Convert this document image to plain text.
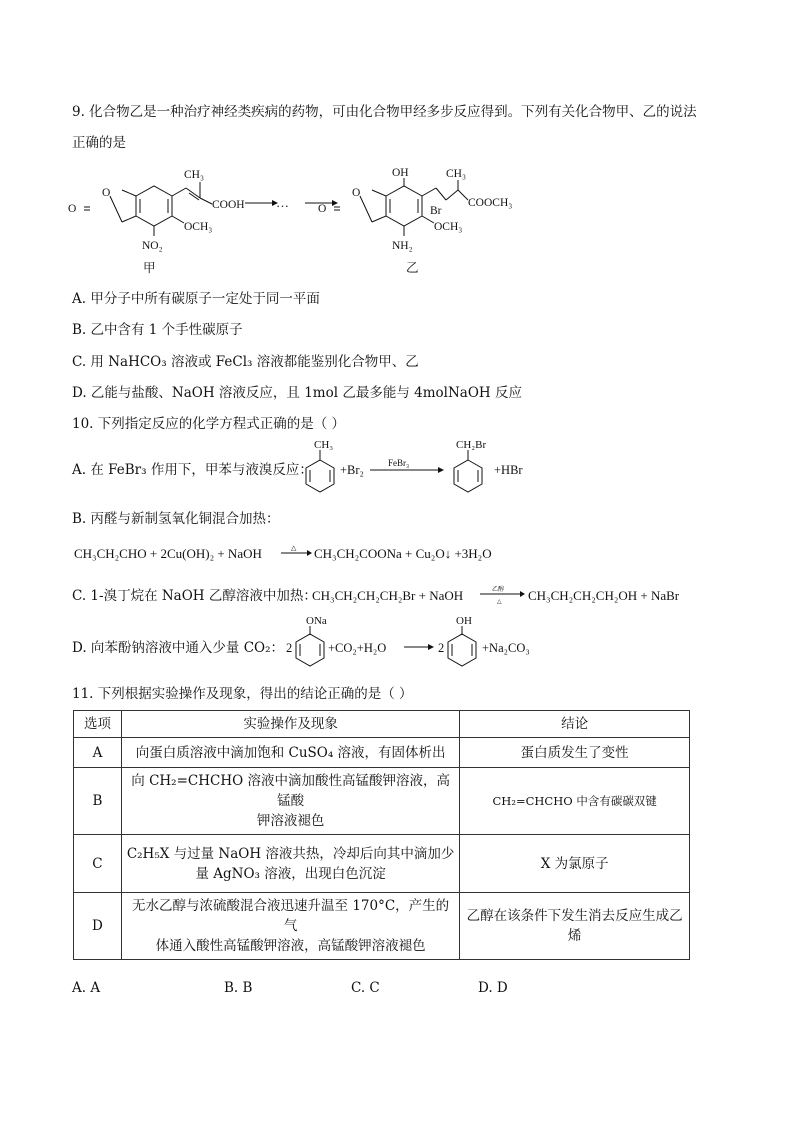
9. 化合物乙是一种治疗神经类疾病的药物，可由化合物甲经多步反应得到。下列有关化合物甲、乙的说法
正确的是
O
O
CH₃
COOH
OCH₃
NO₂
…	O
O
OH	CH₃
Br
COOCH₃
OCH₃
NH₂
甲	乙
A. 甲分子中所有碳原子一定处于同一平面
B. 乙中含有 1 个手性碳原子
C. 用 NaHCO₃ 溶液或 FeCl₃ 溶液都能鉴别化合物甲、乙
D. 乙能与盐酸、NaOH 溶液反应，且 1mol 乙最多能与 4molNaOH 反应
10. 下列指定反应的化学方程式正确的是（ ）
A. 在 FeBr₃ 作用下，甲苯与液溴反应：
CH₃
+Br₂	FeBr₃
CH₂Br
+HBr
B. 丙醛与新制氢氧化铜混合加热：
CH₃CH₂CHO + 2Cu(OH)₂ + NaOH	△ CH₃CH₂COONa + Cu₂O↓ +3H₂O
C. 1-溴丁烷在 NaOH 乙醇溶液中加热：
CH₃CH₂CH₂CH₂Br + NaOH	乙醇
△ CH₃CH₂CH₂CH₂OH + NaBr
D. 向苯酚钠溶液中通入少量 CO₂： 2
ONa
+CO₂+H₂O	2
OH
+Na₂CO₃
11. 下列根据实验操作及现象，得出的结论正确的是（ ）
选项	实验操作及现象	结论
A	向蛋白质溶液中滴加饱和 CuSO₄ 溶液，有固体析出	蛋白质发生了变性
B	向 CH₂=CHCHO 溶液中滴加酸性高锰酸钾溶液，高锰酸
钾溶液褪色	CH₂=CHCHO 中含有碳碳双键
C	C₂H₅X 与过量 NaOH 溶液共热，冷却后向其中滴加少
量 AgNO₃ 溶液，出现白色沉淀	X 为氯原子
D	无水乙醇与浓硫酸混合液迅速升温至 170°C，产生的气
体通入酸性高锰酸钾溶液，高锰酸钾溶液褪色	乙醇在该条件下发生消去反应生成乙
烯
A. A	B. B	C. C	D. D
